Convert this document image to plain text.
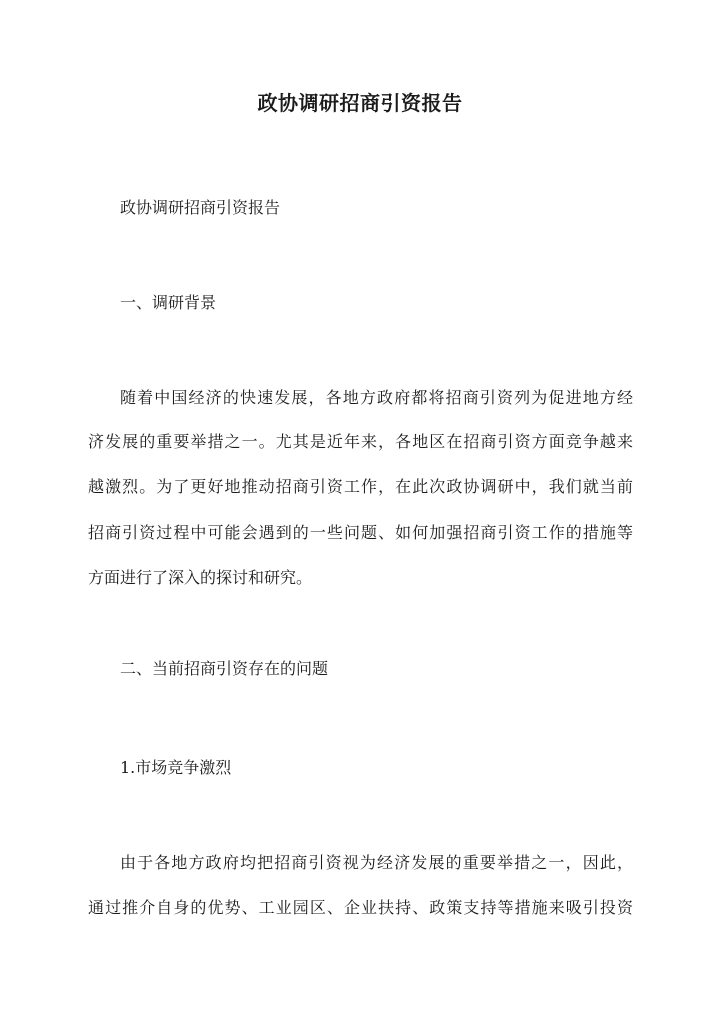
政协调研招商引资报告
政协调研招商引资报告
一、调研背景
随着中国经济的快速发展，各地方政府都将招商引资列为促进地方经
济发展的重要举措之一。尤其是近年来，各地区在招商引资方面竞争越来
越激烈。为了更好地推动招商引资工作，在此次政协调研中，我们就当前
招商引资过程中可能会遇到的一些问题、如何加强招商引资工作的措施等
方面进行了深入的探讨和研究。
二、当前招商引资存在的问题
1.市场竞争激烈
由于各地方政府均把招商引资视为经济发展的重要举措之一，因此，
通过推介自身的优势、工业园区、企业扶持、政策支持等措施来吸引投资
